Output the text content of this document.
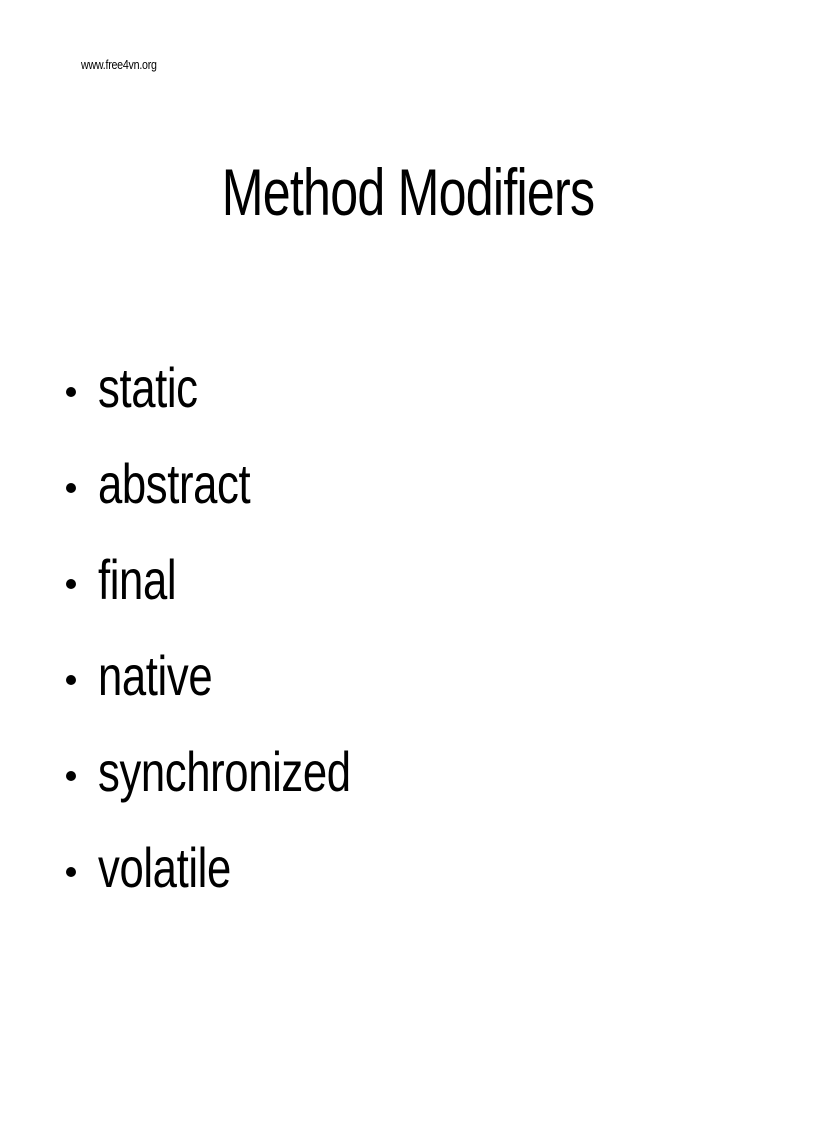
www.free4vn.org
Method Modifiers
static
abstract
final
native
synchronized
volatile
